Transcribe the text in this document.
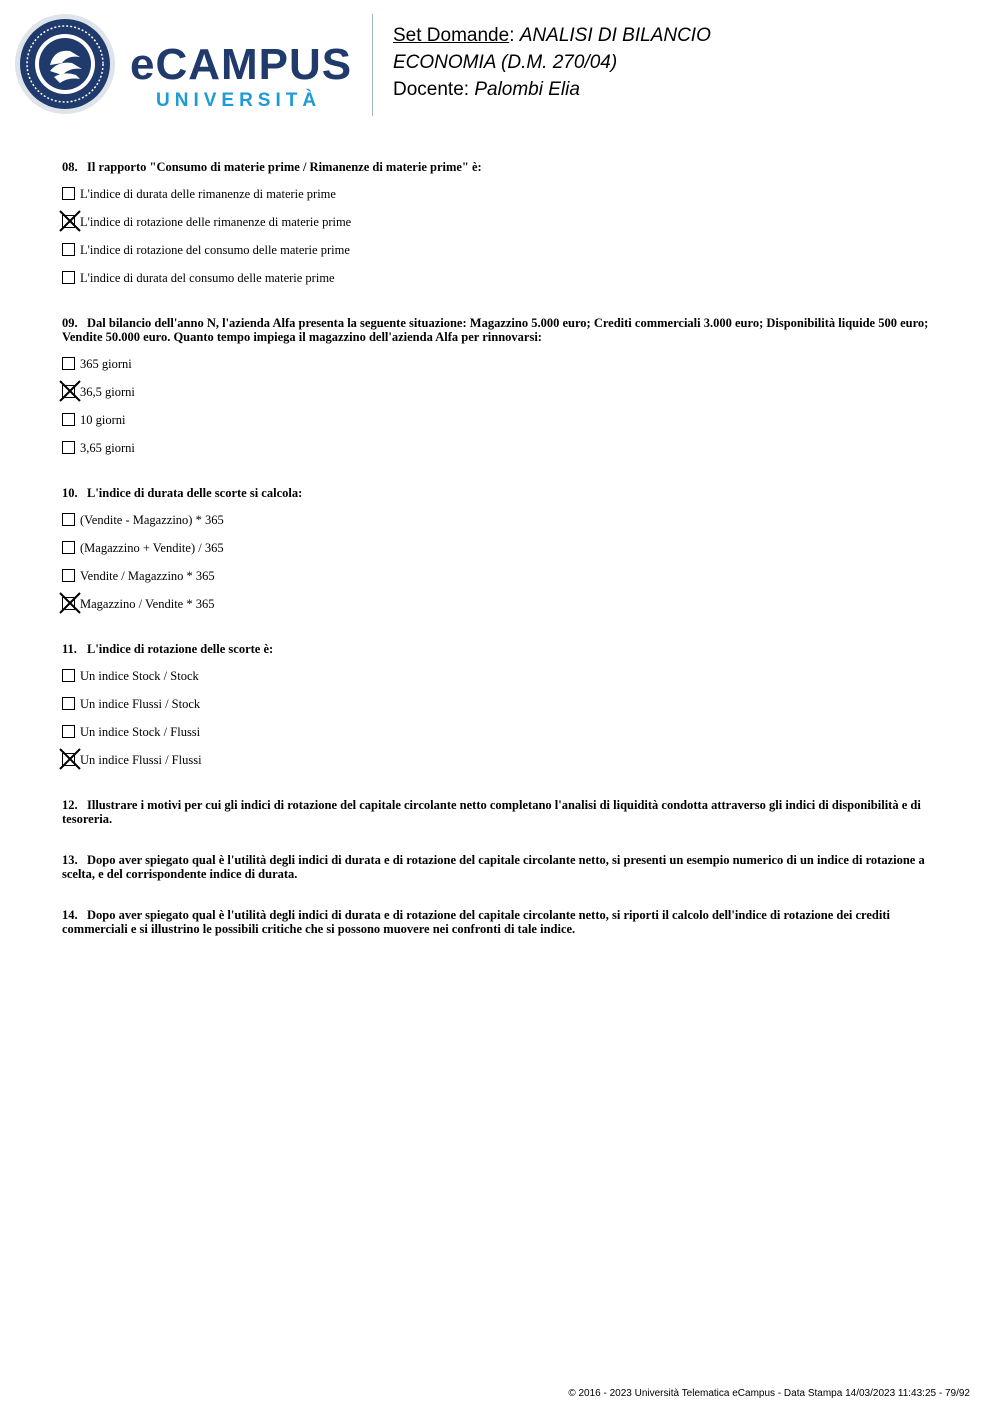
eCAMPUS
UNIVERSITÀ
Set Domande: ANALISI DI BILANCIO
ECONOMIA (D.M. 270/04)
Docente: Palombi Elia
08. Il rapporto "Consumo di materie prime / Rimanenze di materie prime" è:
L'indice di durata delle rimanenze di materie prime
L'indice di rotazione delle rimanenze di materie prime
L'indice di rotazione del consumo delle materie prime
L'indice di durata del consumo delle materie prime
09. Dal bilancio dell'anno N, l'azienda Alfa presenta la seguente situazione: Magazzino 5.000 euro; Crediti commerciali 3.000 euro; Disponibilità liquide 500 euro; Vendite 50.000 euro. Quanto tempo impiega il magazzino dell'azienda Alfa per rinnovarsi:
365 giorni
36,5 giorni
10 giorni
3,65 giorni
10. L'indice di durata delle scorte si calcola:
(Vendite - Magazzino) * 365
(Magazzino + Vendite) / 365
Vendite / Magazzino * 365
Magazzino / Vendite * 365
11. L'indice di rotazione delle scorte è:
Un indice Stock / Stock
Un indice Flussi / Stock
Un indice Stock / Flussi
Un indice Flussi / Flussi
12. Illustrare i motivi per cui gli indici di rotazione del capitale circolante netto completano l'analisi di liquidità condotta attraverso gli indici di disponibilità e di tesoreria.
13. Dopo aver spiegato qual è l'utilità degli indici di durata e di rotazione del capitale circolante netto, si presenti un esempio numerico di un indice di rotazione a scelta, e del corrispondente indice di durata.
14. Dopo aver spiegato qual è l'utilità degli indici di durata e di rotazione del capitale circolante netto, si riporti il calcolo dell'indice di rotazione dei crediti commerciali e si illustrino le possibili critiche che si possono muovere nei confronti di tale indice.
© 2016 - 2023 Università Telematica eCampus - Data Stampa 14/03/2023 11:43:25 - 79/92
